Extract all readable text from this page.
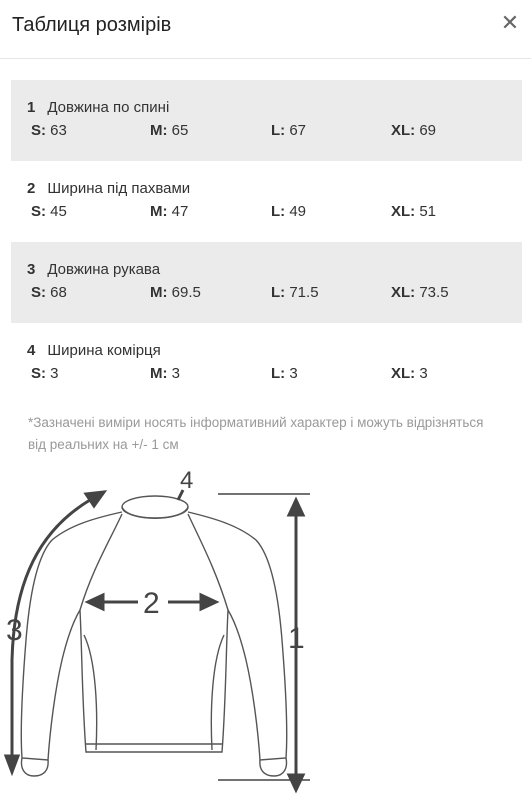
Таблиця розмірів	✕
1 Довжина по спині
S: 63	M: 65	L: 67	XL: 69
2 Ширина під пахвами
S: 45	M: 47	L: 49	XL: 51
3 Довжина рукава
S: 68	M: 69.5	L: 71.5	XL: 73.5
4 Ширина комірця
S: 3	M: 3	L: 3	XL: 3
*Зазначені виміри носять інформативний характер і можуть відрізняться від реальних на +/- 1 см
1
2
3
4
